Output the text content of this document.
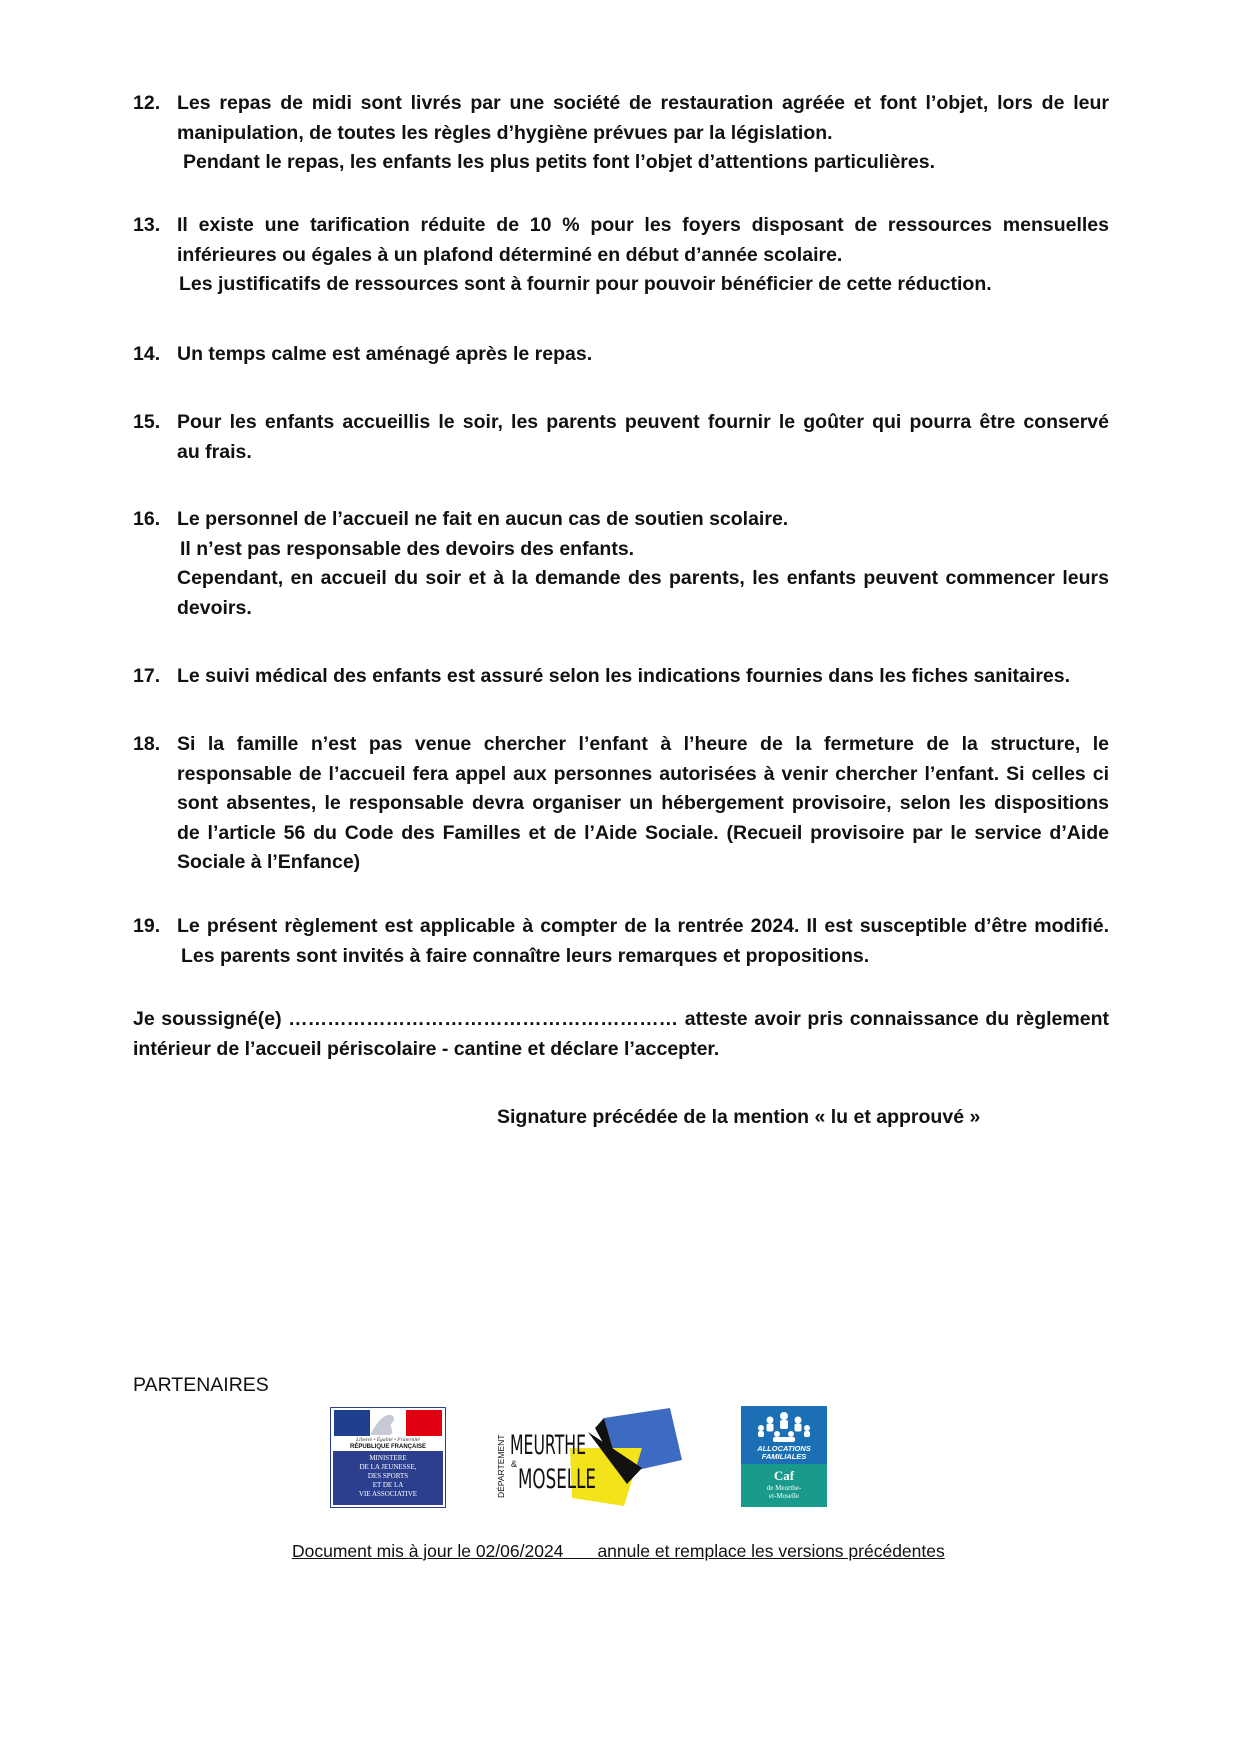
12. Les repas de midi sont livrés par une société de restauration agréée et font l’objet, lors de leur
manipulation, de toutes les règles d’hygiène prévues par la législation.
Pendant le repas, les enfants les plus petits font l’objet d’attentions particulières.
13. Il existe une tarification réduite de 10 % pour les foyers disposant de ressources mensuelles
inférieures ou égales à un plafond déterminé en début d’année scolaire.
Les justificatifs de ressources sont à fournir pour pouvoir bénéficier de cette réduction.
14. Un temps calme est aménagé après le repas.
15. Pour les enfants accueillis le soir, les parents peuvent fournir le goûter qui pourra être conservé
au frais.
16. Le personnel de l’accueil ne fait en aucun cas de soutien scolaire.
Il n’est pas responsable des devoirs des enfants.
Cependant, en accueil du soir et à la demande des parents, les enfants peuvent commencer leurs
devoirs.
17. Le suivi médical des enfants est assuré selon les indications fournies dans les fiches sanitaires.
18. Si la famille n’est pas venue chercher l’enfant à l’heure de la fermeture de la structure, le
responsable de l’accueil fera appel aux personnes autorisées à venir chercher l’enfant. Si celles ci
sont absentes, le responsable devra organiser un hébergement provisoire, selon les dispositions
de l’article 56 du Code des Familles et de l’Aide Sociale. (Recueil provisoire par le service d’Aide
Sociale à l’Enfance)
19. Le présent règlement est applicable à compter de la rentrée 2024. Il est susceptible d’être modifié.
Les parents sont invités à faire connaître leurs remarques et propositions.
Je soussigné(e) …………………………………………………… atteste avoir pris connaissance du règlement
intérieur de l’accueil périscolaire - cantine et déclare l’accepter.
Signature précédée de la mention « lu et approuvé »
PARTENAIRES
Liberté • Égalité • Fraternité
RÉPUBLIQUE FRANÇAISE
MINISTERE
DE LA JEUNESSE,
DES SPORTS
ET DE LA
VIE ASSOCIATIVE	DÉPARTEMENT MEURTHE
& MOSELLE
ALLOCATIONS
FAMILIALES
Caf
de Meurthe-
et-Moselle
Document mis à jour le 02/06/2024 annule et remplace les versions précédentes
